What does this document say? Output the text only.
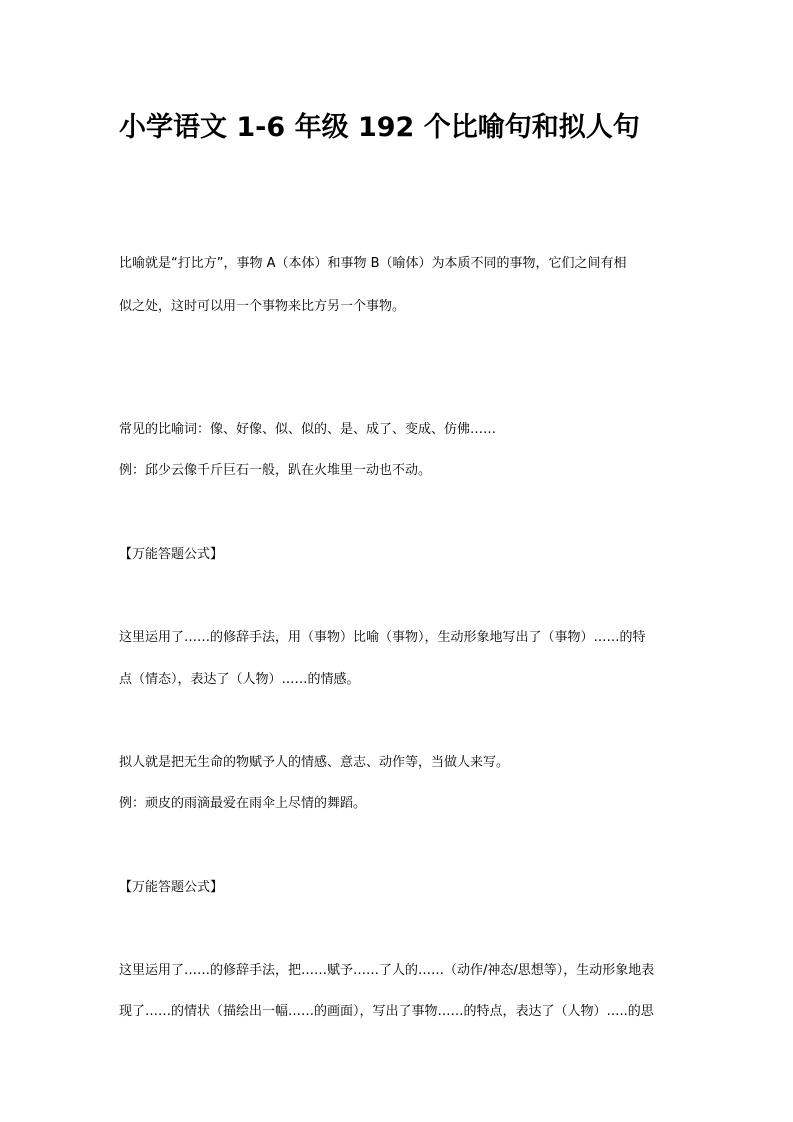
小学语文 1-6 年级 192 个比喻句和拟人句

比喻就是“打比方”，事物 A（本体）和事物 B（喻体）为本质不同的事物，它们之间有相

似之处，这时可以用一个事物来比方另一个事物。

常见的比喻词：像、好像、似、似的、是、成了、变成、仿佛……

例：邱少云像千斤巨石一般，趴在火堆里一动也不动。

【万能答题公式】

这里运用了……的修辞手法，用（事物）比喻（事物），生动形象地写出了（事物）……的特

点（情态），表达了（人物）……的情感。

拟人就是把无生命的物赋予人的情感、意志、动作等，当做人来写。

例：顽皮的雨滴最爱在雨伞上尽情的舞蹈。

【万能答题公式】

这里运用了……的修辞手法，把……赋予……了人的……（动作/神态/思想等），生动形象地表

现了……的情状（描绘出一幅……的画面），写出了事物……的特点，表达了（人物）…..的思
